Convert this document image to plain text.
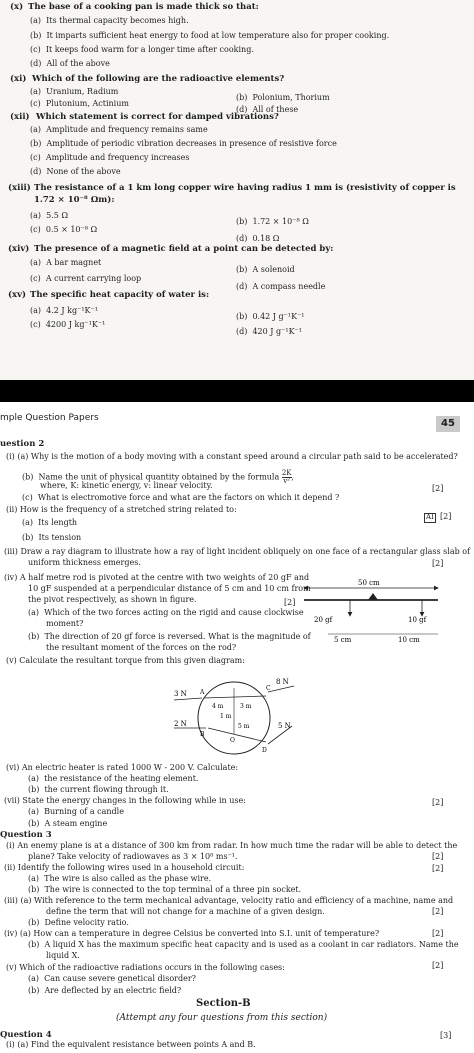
(x) The base of a cooking pan is made thick so that:
(a)  Its thermal capacity becomes high.
(b)  It imparts sufficient heat energy to food at low temperature also for proper cooking.
(c)  It keeps food warm for a longer time after cooking.
(d)  All of the above
(xi) Which of the following are the radioactive elements?
(a)  Uranium, Radium
(b)  Polonium, Thorium
(c)  Plutonium, Actinium
(d)  All of these
(xii) Which statement is correct for damped vibrations?
(a)  Amplitude and frequency remains same
(b)  Amplitude of periodic vibration decreases in presence of resistive force
(c)  Amplitude and frequency increases
(d)  None of the above
(xiii) The resistance of a 1 km long copper wire having radius 1 mm is (resistivity of copper is
1.72 × 10⁻⁸ Ωm):
(a)  5.5 Ω
(b)  1.72 × 10⁻⁸ Ω
(c)  0.5 × 10⁻⁸ Ω
(d)  0.18 Ω
(xiv) The presence of a magnetic field at a point can be detected by:
(a)  A bar magnet
(b)  A solenoid
(c)  A current carrying loop
(d)  A compass needle
(xv) The specific heat capacity of water is:
(a)  4.2 J kg⁻¹K⁻¹
(b)  0.42 J g⁻¹K⁻¹
(c)  4200 J kg⁻¹K⁻¹
(d)  420 J g⁻¹K⁻¹
mple Question Papers	45
uestion 2
(i) (a) Why is the motion of a body moving with a constant speed around a circular path said to be accelerated?
(b)  Name the unit of physical quantity obtained by the formula $\frac{2K}{\text{v²}}$ ,
where, K: kinetic energy, v: linear velocity.	[2]
(c)  What is electromotive force and what are the factors on which it depend ?
(ii) How is the frequency of a stretched string related to:
AI [2]
(a)  Its length
(b)  Its tension
(iii) Draw a ray diagram to illustrate how a ray of light incident obliquely on one face of a rectangular glass slab of
uniform thickness emerges.	[2]
(iv) A half metre rod is pivoted at the centre with two weights of 20 gF and
10 gF suspended at a perpendicular distance of 5 cm and 10 cm from
the pivot respectively, as shown in figure.	[2]
(a)  Which of the two forces acting on the rigid and cause clockwise
moment?
(b)  The direction of 20 gf force is reversed. What is the magnitude of
the resultant moment of the forces on the rod?
50 cm
20 gf	10 gf
5 cm	10 cm
(v) Calculate the resultant torque from this given diagram:
3 N
2 N
8 N
5 N
A
B
C
D
O
4 m	3 m
1 m
5 m
(vi) An electric heater is rated 1000 W - 200 V. Calculate:
(a)  the resistance of the heating element.
(b)  the current flowing through it.
(vii) State the energy changes in the following while in use:	[2]
(a)  Burning of a candle
(b)  A steam engine
Question 3
(i) An enemy plane is at a distance of 300 km from radar. In how much time the radar will be able to detect the
plane? Take velocity of radiowaves as 3 × 10⁸ ms⁻¹.	[2]
(ii) Identify the following wires used in a household circuit:	[2]
(a)  The wire is also called as the phase wire.
(b)  The wire is connected to the top terminal of a three pin socket.
(iii) (a) With reference to the term mechanical advantage, velocity ratio and efficiency of a machine, name and
define the term that will not change for a machine of a given design.	[2]
(b)  Define velocity ratio.
(iv) (a) How can a temperature in degree Celsius be converted into S.I. unit of temperature?	[2]
(b)  A liquid X has the maximum specific heat capacity and is used as a coolant in car radiators. Name the
liquid X.
(v) Which of the radioactive radiations occurs in the following cases:	[2]
(a)  Can cause severe genetical disorder?
(b)  Are deflected by an electric field?
Section-B
(Attempt any four questions from this section)
Question 4
(i) (a) Find the equivalent resistance between points A and B.
[3]
